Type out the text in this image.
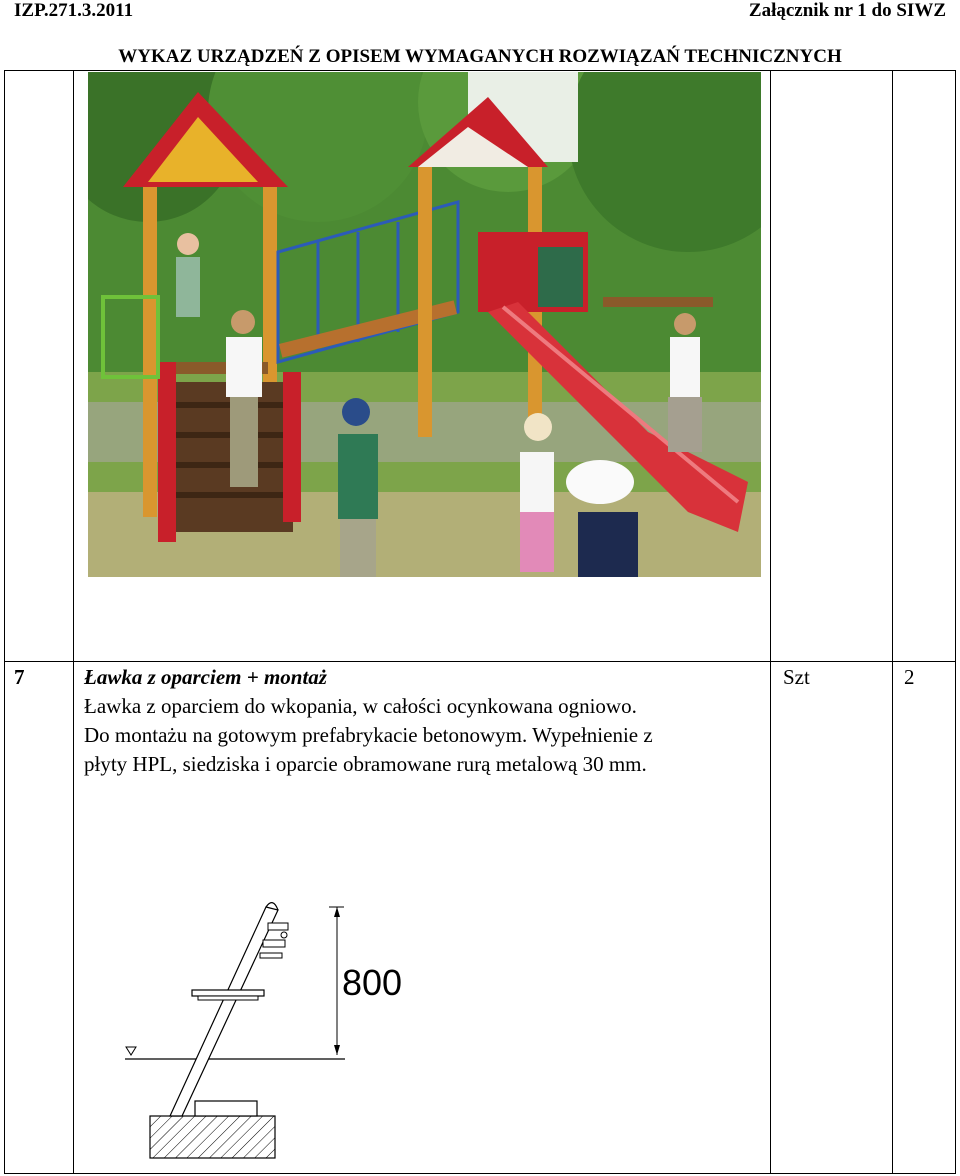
IZP.271.3.2011	Załącznik nr 1 do SIWZ
WYKAZ URZĄDZEŃ Z OPISEM WYMAGANYCH ROZWIĄZAŃ TECHNICZNYCH
7	Ławka z oparciem + montaż
Ławka z oparciem do wkopania, w całości ocynkowana ogniowo.
Do montażu na gotowym prefabrykacie betonowym. Wypełnienie z
płyty HPL, siedziska i oparcie obramowane rurą metalową 30 mm.
Szt	2
800
